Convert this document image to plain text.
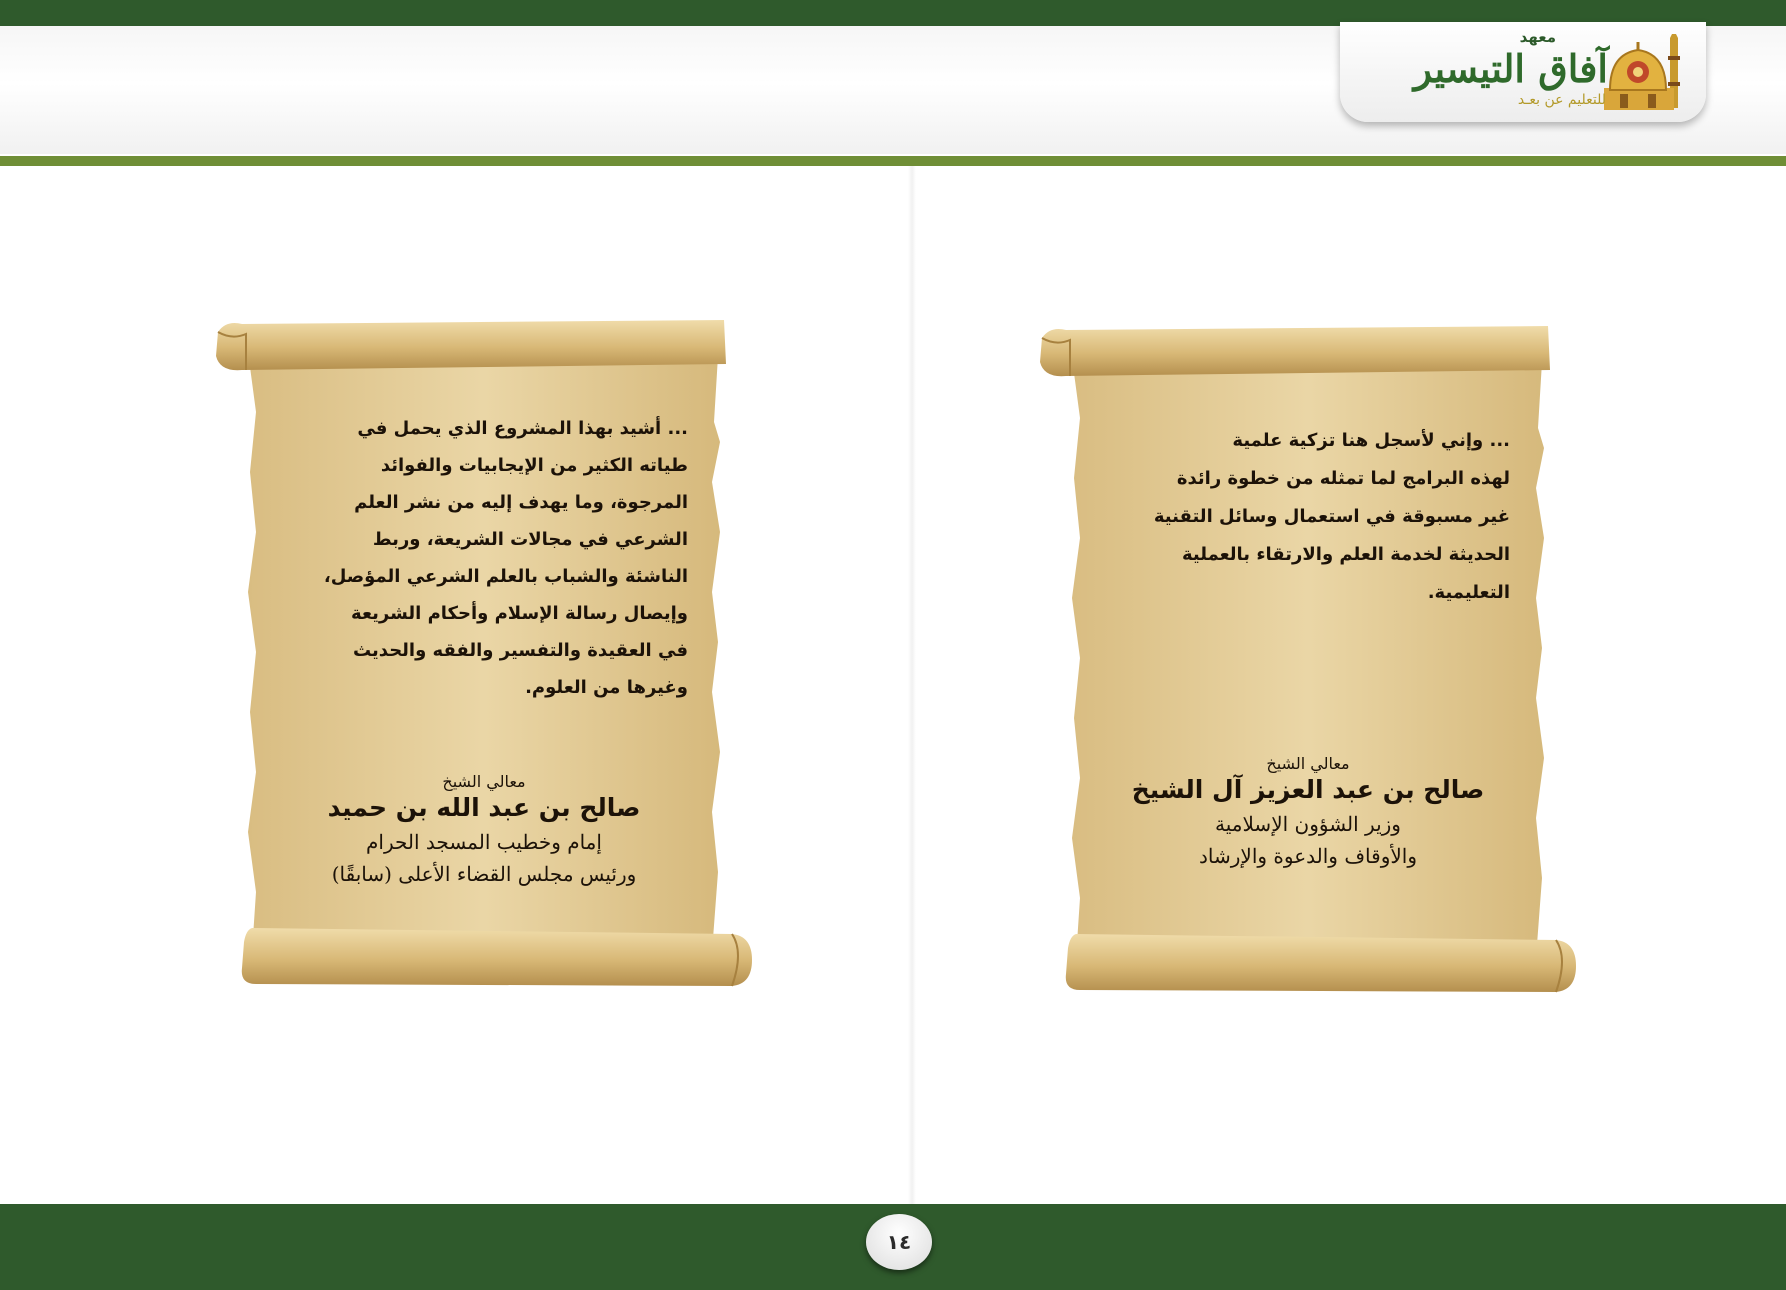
معهد
آفاق التيسير
للتعليم عن بعـد
... أشيد بهذا المشروع الذي يحمل في
طياته الكثير من الإيجابيات والفوائد
المرجوة، وما يهدف إليه من نشر العلم
الشرعي في مجالات الشريعة، وربط
الناشئة والشباب بالعلم الشرعي المؤصل،
وإيصال رسالة الإسلام وأحكام الشريعة
في العقيدة والتفسير والفقه والحديث
وغيرها من العلوم.
معالي الشيخ
صالح بن عبد الله بن حميد
إمام وخطيب المسجد الحرام
ورئيس مجلس القضاء الأعلى (سابقًا)
... وإني لأسجل هنا تزكية علمية
لهذه البرامج لما تمثله من خطوة رائدة
غير مسبوقة في استعمال وسائل التقنية
الحديثة لخدمة العلم والارتقاء بالعملية
التعليمية.
معالي الشيخ
صالح بن عبد العزيز آل الشيخ
وزير الشؤون الإسلامية
والأوقاف والدعوة والإرشاد
١٤
